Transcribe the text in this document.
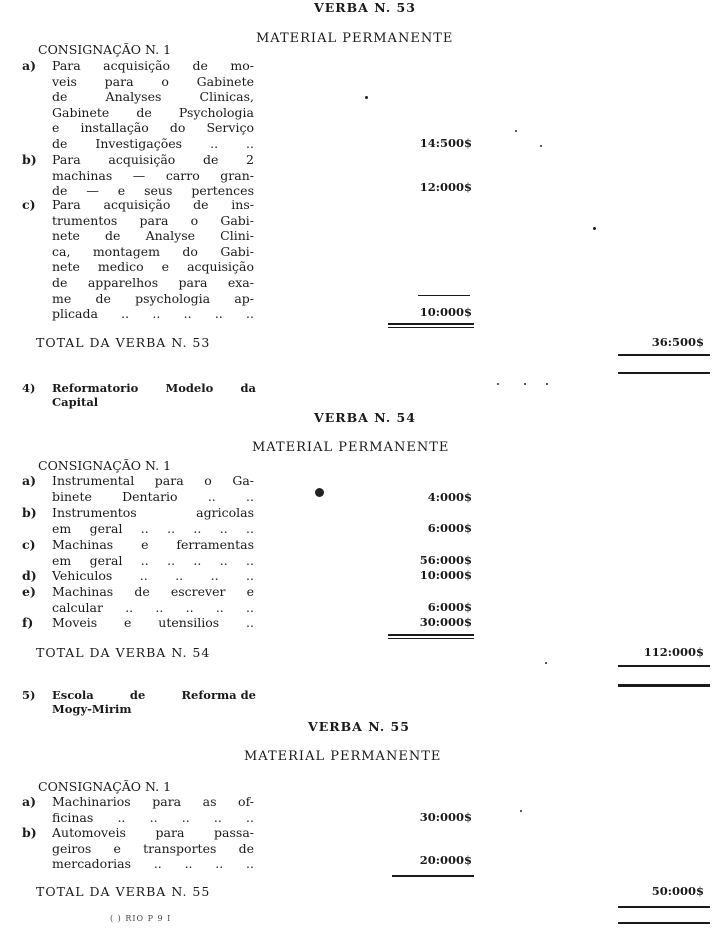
VERBA N. 53
MATERIAL PERMANENTE
CONSIGNAÇÃO N. 1
a) Para acquisição de mo-
veis para o Gabinete
de Analyses Clinicas,
Gabinete de Psychologia
e installação do Serviço
de Investigações .. ..	14:500$
b) Para acquisição de 2
machinas — carro gran-
de — e seus pertences	12:000$
c) Para acquisição de ins-
trumentos para o Gabi-
nete de Analyse Clini-
ca, montagem do Gabi-
nete medico e acquisição
de apparelhos para exa-
me de psychologia ap-
plicada .. .. .. .. ..	10:000$
TOTAL DA VERBA N. 53	36:500$
4) Reformatorio Modelo da
Capital
VERBA N. 54
MATERIAL PERMANENTE
CONSIGNAÇÃO N. 1
a) Instrumental para o Ga-
binete Dentario .. ..	4:000$
b) Instrumentos agricolas
em geral .. .. .. .. ..	6:000$
c) Machinas e ferramentas
em geral .. .. .. .. ..	56:000$
d) Vehiculos .. .. .. ..	10:000$
e) Machinas de escrever e
calcular .. .. .. .. ..	6:000$
f) Moveis e utensilios ..	30:000$
TOTAL DA VERBA N. 54	112:000$
5) Escola	de	Reforma de
Mogy-Mirim
VERBA N. 55
MATERIAL PERMANENTE
CONSIGNAÇÃO N. 1
a) Machinarios para as of-
ficinas .. .. .. .. ..	30:000$
b) Automoveis para passa-
geiros e transportes de
mercadorias .. .. .. ..	20:000$
TOTAL DA VERBA N. 55	50:000$
( ) RIO P 9 I
